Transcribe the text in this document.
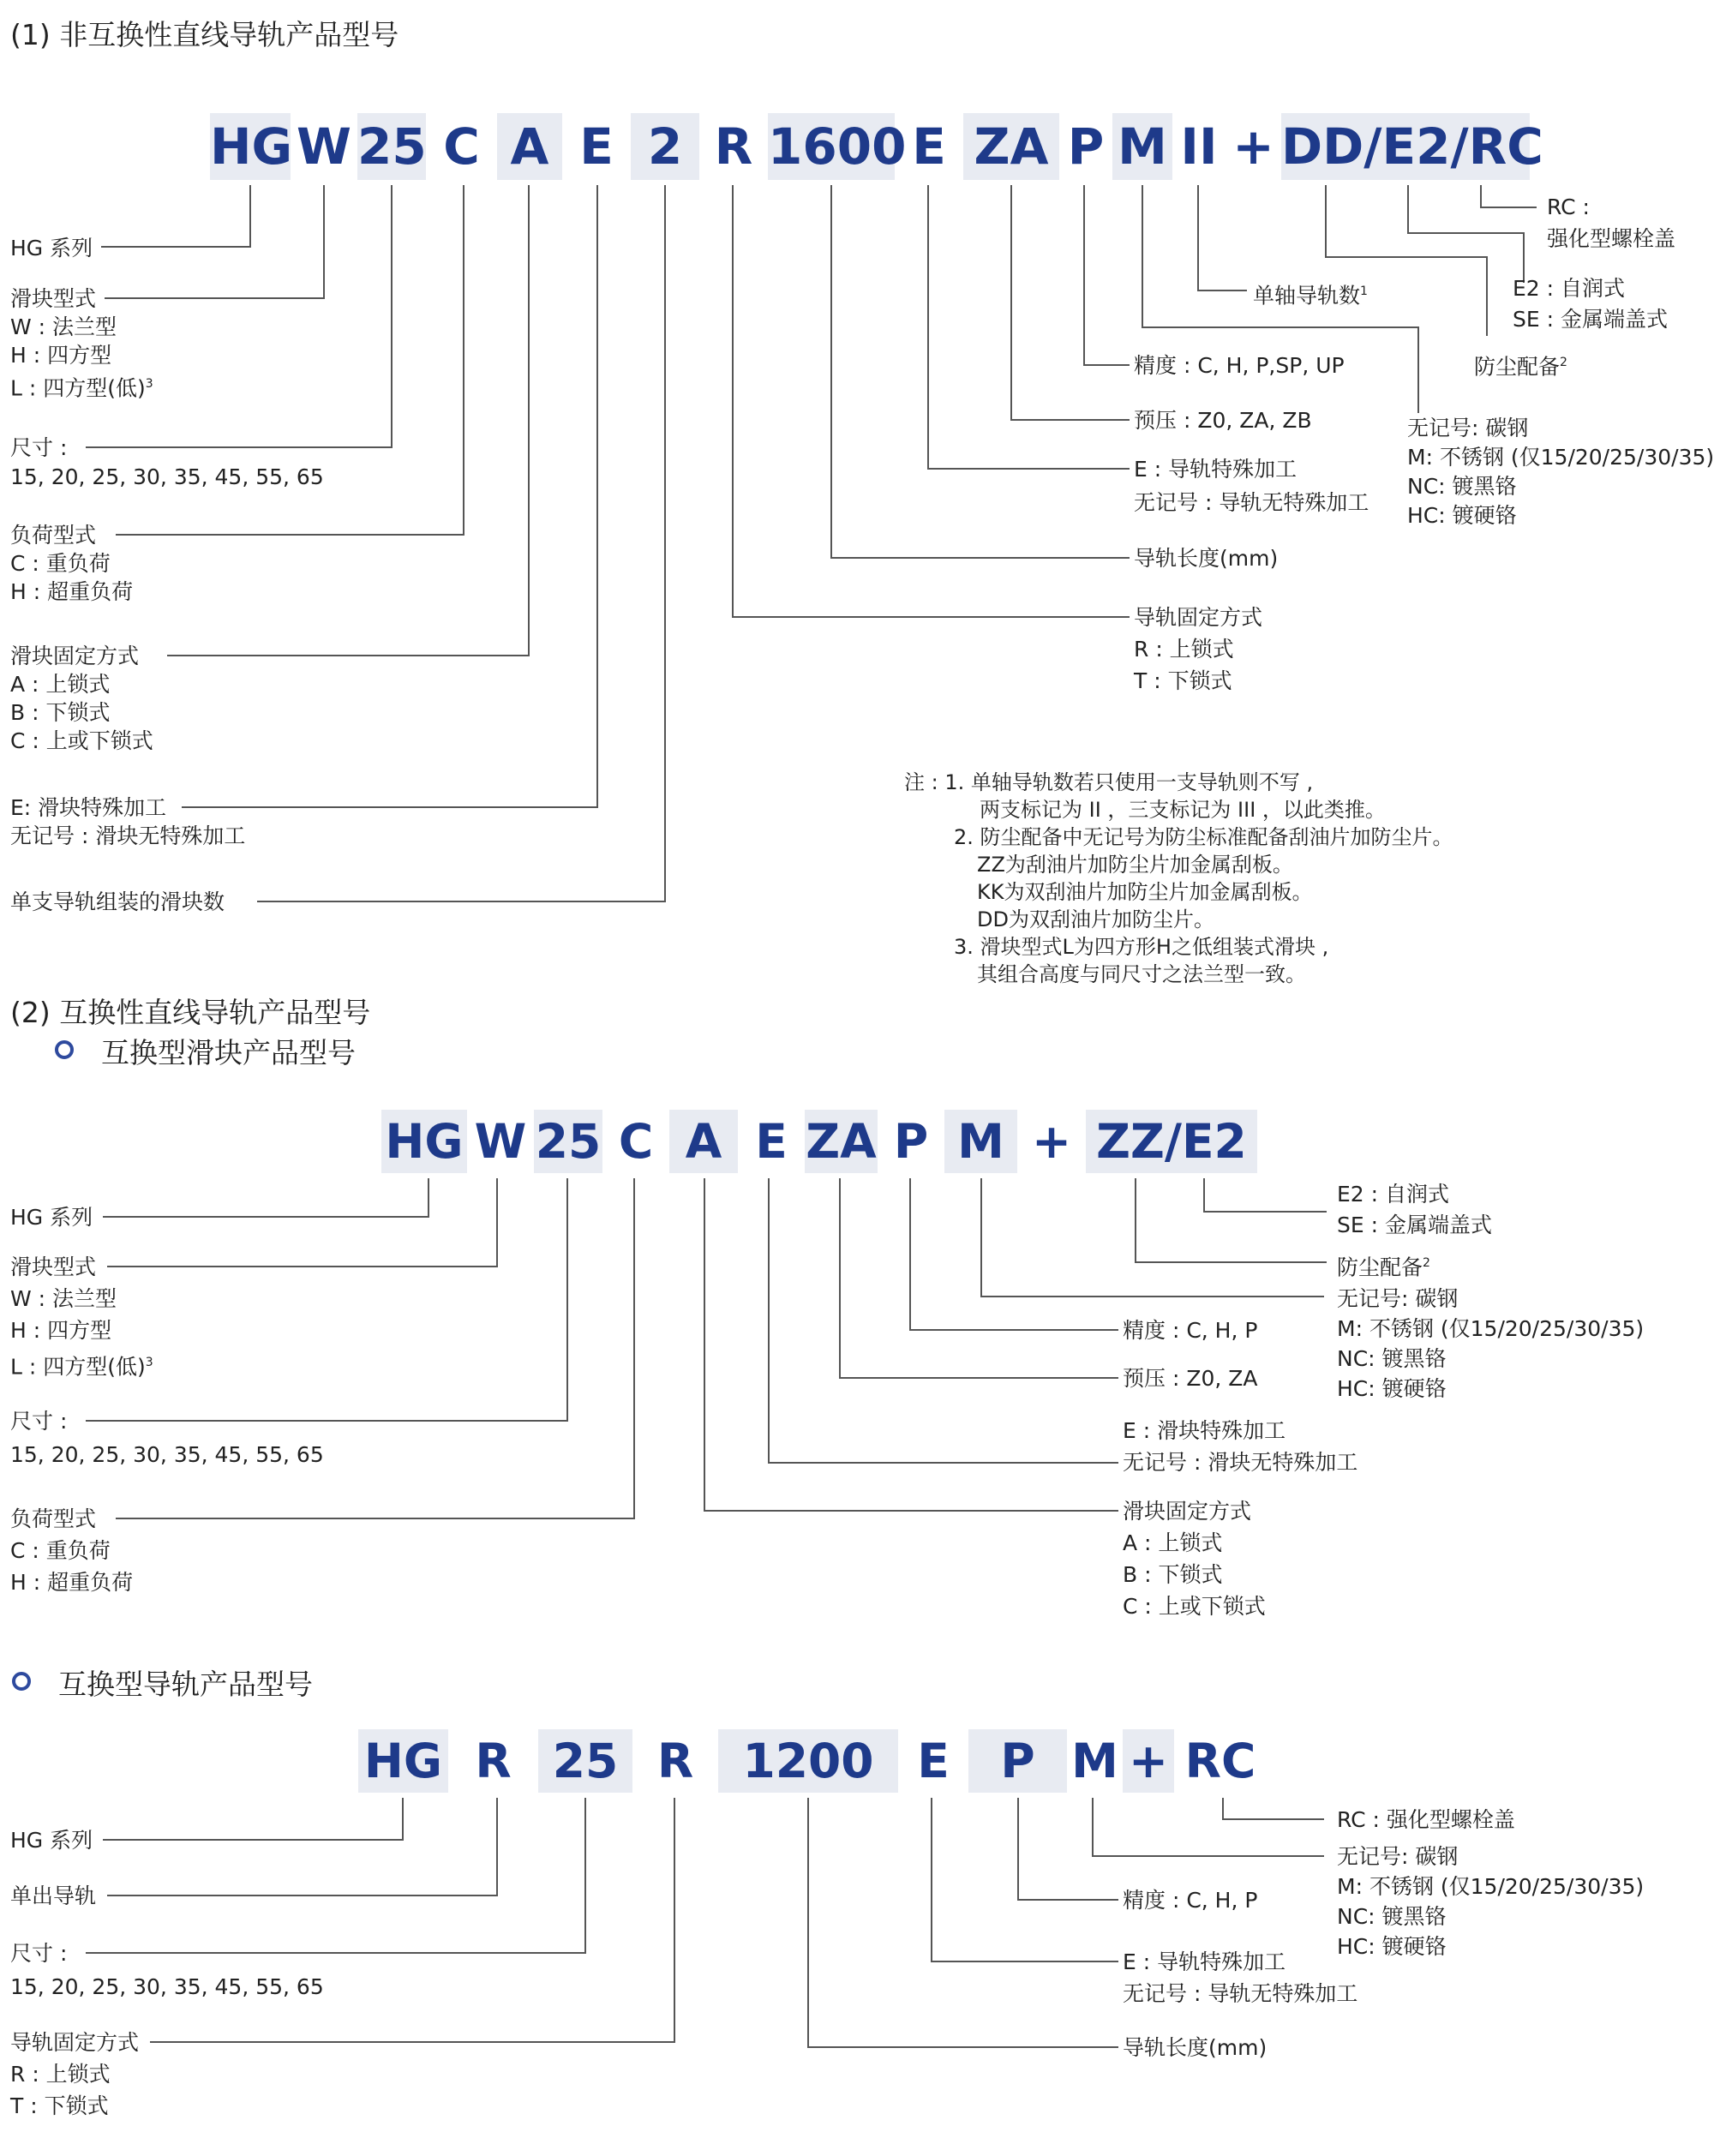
(1) 非互换性直线导轨产品型号
HG W 25 C A E 2 R 1600 E ZA P M II + DD/E2/RC
HG 系列
滑块型式
W : 法兰型
H : 四方型
L : 四方型(低)$^3$
尺寸 :
15, 20, 25, 30, 35, 45, 55, 65
负荷型式
C : 重负荷
H : 超重负荷
滑块固定方式
A : 上锁式
B : 下锁式
C : 上或下锁式
E: 滑块特殊加工
无记号 : 滑块无特殊加工
单支导轨组装的滑块数
RC :
强化型螺栓盖
单轴导轨数$^1$	E2 : 自润式
SE : 金属端盖式
防尘配备$^2$
精度 : C, H, P,SP, UP
预压 : Z0, ZA, ZB	无记号: 碳钢
M: 不锈钢 (仅15/20/25/30/35)
NC: 镀黑铬
HC: 镀硬铬
E : 导轨特殊加工
无记号 : 导轨无特殊加工
导轨长度(mm)
导轨固定方式
R : 上锁式
T : 下锁式
注 : 1. 单轴导轨数若只使用一支导轨则不写 ,
两支标记为 II ，三支标记为 III ，以此类推。
2. 防尘配备中无记号为防尘标准配备刮油片加防尘片。
ZZ为刮油片加防尘片加金属刮板。
KK为双刮油片加防尘片加金属刮板。
DD为双刮油片加防尘片。
3. 滑块型式L为四方形H之低组装式滑块 ,
其组合高度与同尺寸之法兰型一致。
(2) 互换性直线导轨产品型号
互换型滑块产品型号
HG W 25 C A E ZA P M + ZZ/E2
HG 系列
滑块型式
W : 法兰型
H : 四方型
L : 四方型(低)$^3$
尺寸 :
15, 20, 25, 30, 35, 45, 55, 65
负荷型式
C : 重负荷
H : 超重负荷
E2 : 自润式
SE : 金属端盖式
防尘配备$^2$
无记号: 碳钢
M: 不锈钢 (仅15/20/25/30/35)
NC: 镀黑铬
HC: 镀硬铬
精度 : C, H, P
预压 : Z0, ZA
E : 滑块特殊加工
无记号 : 滑块无特殊加工
滑块固定方式
A : 上锁式
B : 下锁式
C : 上或下锁式
互换型导轨产品型号
HG R 25 R	1200 E	P M + RC
HG 系列
单出导轨
尺寸 :
15, 20, 25, 30, 35, 45, 55, 65
导轨固定方式
R : 上锁式
T : 下锁式
RC : 强化型螺栓盖
无记号: 碳钢
M: 不锈钢 (仅15/20/25/30/35)
NC: 镀黑铬
HC: 镀硬铬
精度 : C, H, P
E : 导轨特殊加工
无记号 : 导轨无特殊加工
导轨长度(mm)
